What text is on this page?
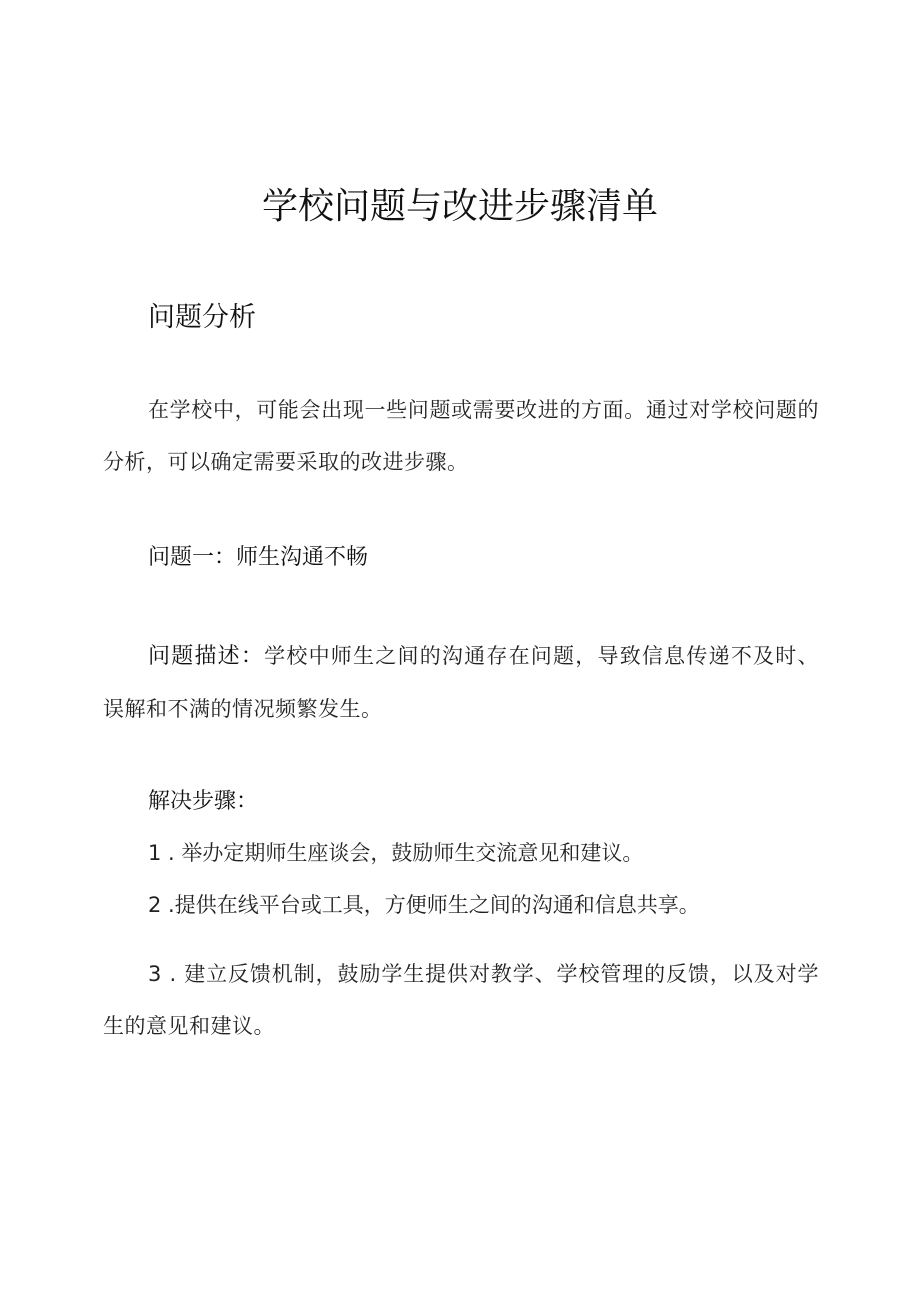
学校问题与改进步骤清单
问题分析
在学校中，可能会出现一些问题或需要改进的方面。通过对学校问题的分析，可以确定需要采取的改进步骤。
问题一：师生沟通不畅
问题描述：学校中师生之间的沟通存在问题，导致信息传递不及时、误解和不满的情况频繁发生。
解决步骤：
1 . 举办定期师生座谈会，鼓励师生交流意见和建议。
2 .提供在线平台或工具，方便师生之间的沟通和信息共享。
3 . 建立反馈机制，鼓励学生提供对教学、学校管理的反馈，以及对学生的意见和建议。
